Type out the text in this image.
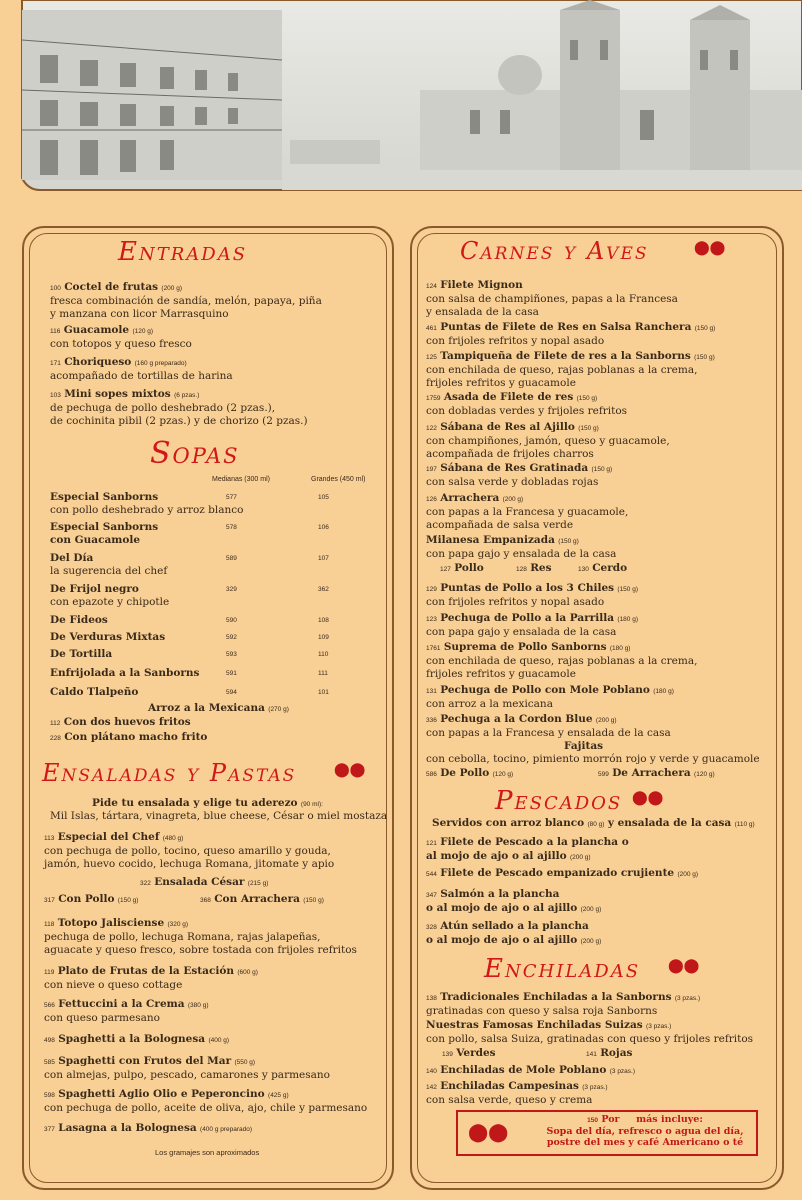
Entradas
100 Coctel de frutas (200 g)
fresca combinación de sandía, melón, papaya, piña
y manzana con licor Marrasquino
116 Guacamole (120 g)
con totopos y queso fresco
171 Choriqueso (160 g preparado)
acompañado de tortillas de harina
103 Mini sopes mixtos (6 pzas.)
de pechuga de pollo deshebrado (2 pzas.),
de cochinita pibil (2 pzas.) y de chorizo (2 pzas.)
Sopas
Medianas (300 ml)	Grandes (450 ml)
Especial Sanborns
con pollo deshebrado y arroz blanco
577	105
Especial Sanborns
con Guacamole
578	106
Del Día
la sugerencia del chef
589	107
De Frijol negro
con epazote y chipotle
329	362
De Fideos	590	108
De Verduras Mixtas	592	109
De Tortilla	593	110
Enfrijolada a la Sanborns	591	111
Caldo Tlalpeño	594	101
Arroz a la Mexicana (270 g)
112 Con dos huevos fritos
228 Con plátano macho frito
Ensaladas y Pastas	⬤⬤
Pide tu ensalada y elige tu aderezo (90 ml):
Mil Islas, tártara, vinagreta, blue cheese, César o miel mostaza
113 Especial del Chef (480 g)
con pechuga de pollo, tocino, queso amarillo y gouda,
jamón, huevo cocido, lechuga Romana, jitomate y apio
322 Ensalada César (215 g)
317 Con Pollo (150 g)	368 Con Arrachera (150 g)
118 Totopo Jalisciense (320 g)
pechuga de pollo, lechuga Romana, rajas jalapeñas,
aguacate y queso fresco, sobre tostada con frijoles refritos
119 Plato de Frutas de la Estación (600 g)
con nieve o queso cottage
566 Fettuccini a la Crema (380 g)
con queso parmesano
498 Spaghetti a la Bolognesa (400 g)
585 Spaghetti con Frutos del Mar (550 g)
con almejas, pulpo, pescado, camarones y parmesano
598 Spaghetti Aglio Olio e Peperoncino (425 g)
con pechuga de pollo, aceite de oliva, ajo, chile y parmesano
377 Lasagna a la Bolognesa (400 g preparado)
Los gramajes son aproximados
Carnes y Aves	⬤⬤
124 Filete Mignon
con salsa de champiñones, papas a la Francesa
y ensalada de la casa
461 Puntas de Filete de Res en Salsa Ranchera (150 g)
con frijoles refritos y nopal asado
125 Tampiqueña de Filete de res a la Sanborns (150 g)
con enchilada de queso, rajas poblanas a la crema,
frijoles refritos y guacamole
1759 Asada de Filete de res (150 g)
con dobladas verdes y frijoles refritos
122 Sábana de Res al Ajillo (150 g)
con champiñones, jamón, queso y guacamole,
acompañada de frijoles charros
197 Sábana de Res Gratinada (150 g)
con salsa verde y dobladas rojas
126 Arrachera (200 g)
con papas a la Francesa y guacamole,
acompañada de salsa verde
Milanesa Empanizada (150 g)
con papa gajo y ensalada de la casa
127 Pollo	128 Res	130 Cerdo
129 Puntas de Pollo a los 3 Chiles (150 g)
con frijoles refritos y nopal asado
123 Pechuga de Pollo a la Parrilla (180 g)
con papa gajo y ensalada de la casa
1761 Suprema de Pollo Sanborns (180 g)
con enchilada de queso, rajas poblanas a la crema,
frijoles refritos y guacamole
131 Pechuga de Pollo con Mole Poblano (180 g)
con arroz a la mexicana
336 Pechuga a la Cordon Blue (200 g)
con papas a la Francesa y ensalada de la casa
Fajitas
con cebolla, tocino, pimiento morrón rojo y verde y guacamole
586 De Pollo (120 g)	599 De Arrachera (120 g)
Pescados ⬤⬤
Servidos con arroz blanco (80 g) y ensalada de la casa (110 g)
121 Filete de Pescado a la plancha o
al mojo de ajo o al ajillo (200 g)
544 Filete de Pescado empanizado crujiente (200 g)
347 Salmón a la plancha
o al mojo de ajo o al ajillo (200 g)
328 Atún sellado a la plancha
o al mojo de ajo o al ajillo (200 g)
Enchiladas ⬤⬤
138 Tradicionales Enchiladas a la Sanborns (3 pzas.)
gratinadas con queso y salsa roja Sanborns
Nuestras Famosas Enchiladas Suizas (3 pzas.)
con pollo, salsa Suiza, gratinadas con queso y frijoles refritos
139 Verdes	141 Rojas
140 Enchiladas de Mole Poblano (3 pzas.)
142 Enchiladas Campesinas (3 pzas.)
con salsa verde, queso y crema
⬤⬤
150 Por más incluye:
Sopa del día, refresco o agua del día,
postre del mes y café Americano o té
